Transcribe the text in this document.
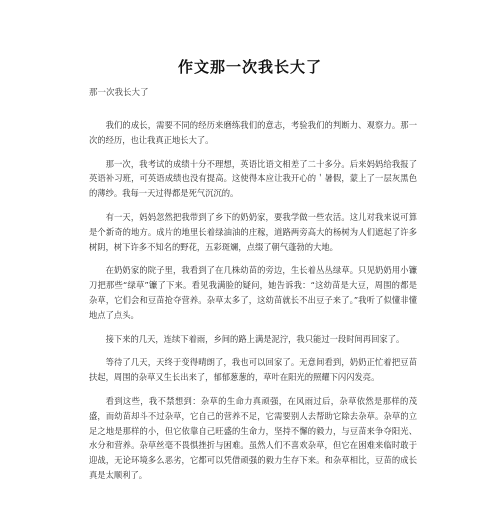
作文那一次我长大了
那一次我长大了

我们的成长，需要不同的经历来磨练我们的意志，考验我们的判断力、观察力。那一次的经历，也让我真正地长大了。

那一次，我考试的成绩十分不理想，英语比语文相差了二十多分。后来妈妈给我报了英语补习班，可英语成绩也没有提高。这使得本应让我开心的＇暑假，蒙上了一层灰黑色的薄纱。我每一天过得都是死气沉沉的。

有一天，妈妈忽然把我带到了乡下的奶奶家，要我学做一些农活。这儿对我来说可算是个新奇的地方。成片的地里长着绿油油的庄稼，道路两旁高大的杨树为人们遮起了许多树阴，树下许多不知名的野花，五彩斑斓，点缀了朝气蓬勃的大地。

在奶奶家的院子里，我看到了在几株幼苗的旁边，生长着丛丛绿草。只见奶奶用小镰刀把那些“绿草”镰了下来。看见我满脸的疑问，她告诉我：“这幼苗是大豆，周围的都是杂草，它们会和豆苗抢夺营养。杂草太多了，这幼苗就长不出豆子来了。”我听了似懂非懂地点了点头。

接下来的几天，连续下着雨，乡间的路上满是泥泞，我只能过一段时间再回家了。

等待了几天，天终于变得晴朗了，我也可以回家了。无意间看到，奶奶正忙着把豆苗扶起，周围的杂草又生长出来了，郁郁葱葱的，草叶在阳光的照耀下闪闪发亮。

看到这些，我不禁想到：杂草的生命力真顽强，在风雨过后，杂草依然是那样的茂盛，而幼苗却斗不过杂草，它自己的营养不足，它需要别人去帮助它除去杂草。杂草的立足之地是那样的小，但它依靠自己旺盛的生命力，坚持不懈的毅力，与豆苗来争夺阳光、水分和营养。杂草丝毫不畏惧挫折与困难。虽然人们不喜欢杂草，但它在困难来临时敢于迎战，无论环境多么恶劣，它都可以凭借顽强的毅力生存下来。和杂草相比，豆苗的成长真是太顺利了。
